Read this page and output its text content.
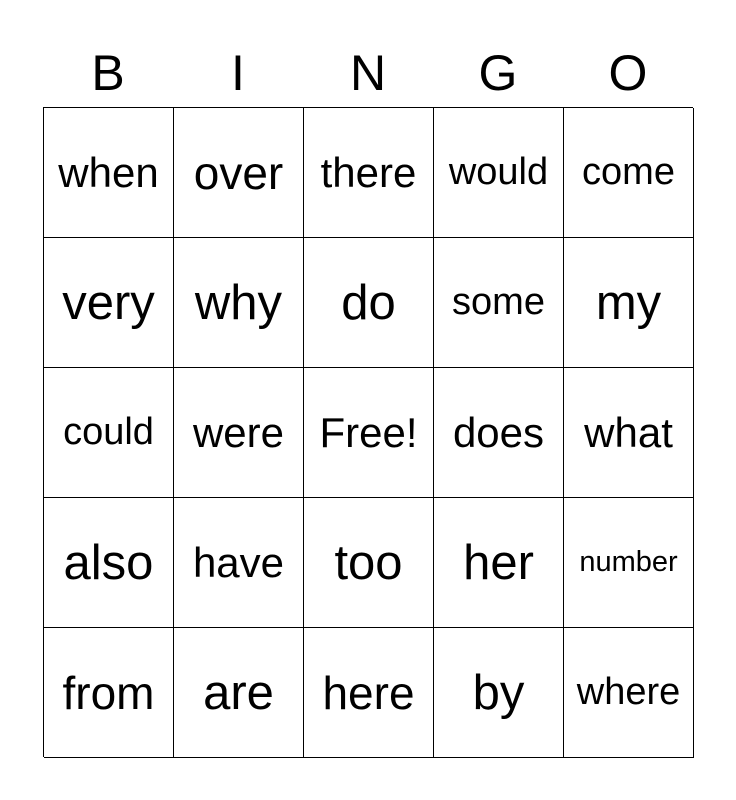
B	I	N	G	O
when over there would come
very why	do	some	my
could were Free! does what
also have	too	her	number
from are	here	by	where
